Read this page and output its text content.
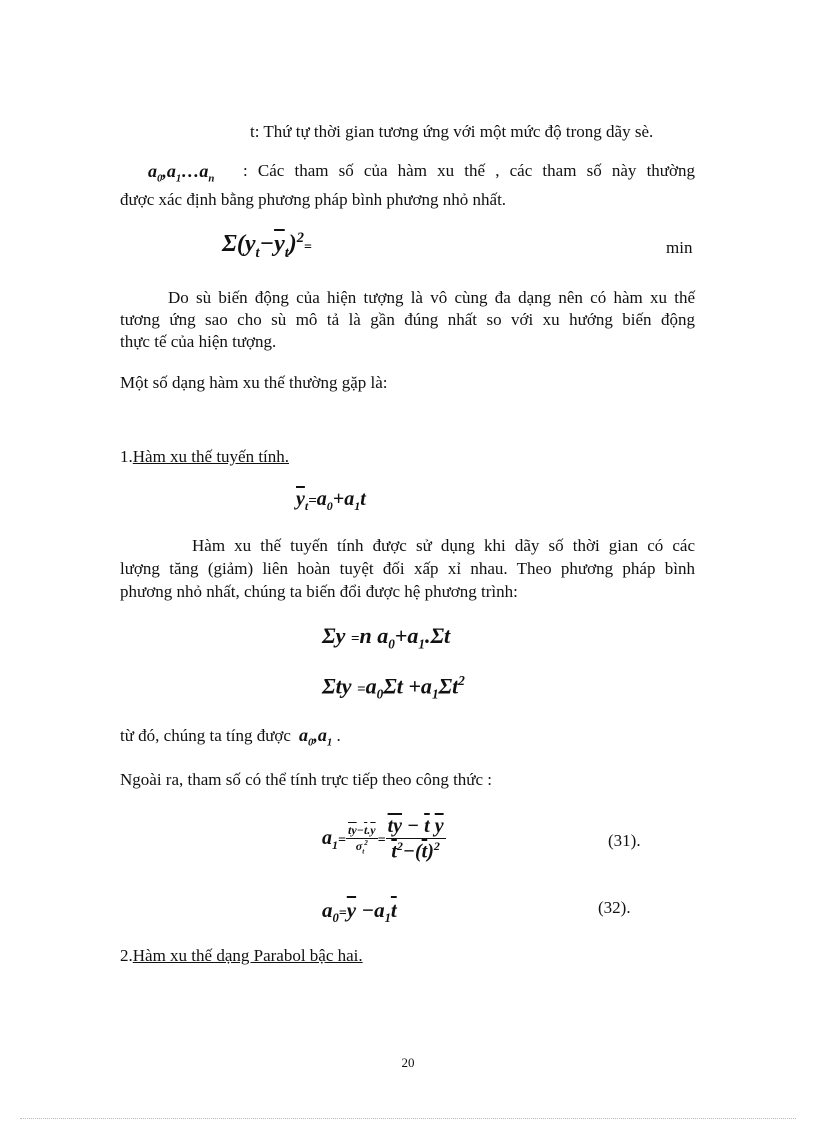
t: Thứ tự thời gian tương ứng với một mức độ trong dãy sè.
$a_0,a_1\dots a_n$ : Các tham số của hàm xu thế , các tham số này thường
được xác định bằng phương pháp bình phương nhỏ nhất.
$\Sigma(y_t-\overline{y}_t)^2=$	min
Do sù biến động của hiện tượng là vô cùng đa dạng nên có hàm xu thế
tương ứng sao cho sù mô tả là gần đúng nhất so với xu hướng biến động
thực tế của hiện tượng.
Một số dạng hàm xu thế thường gặp là:
1.Hàm xu thế tuyến tính.
$\overline{y}_t=a_0+a_1t$
Hàm xu thế tuyến tính được sử dụng khi dãy số thời gian có các
lượng tăng (giảm) liên hoàn tuyệt đối xấp xỉ nhau. Theo phương pháp bình
phương nhỏ nhất, chúng ta biến đổi được hệ phương trình:
Σy =n $a_0+a_1.\Sigma t$
$\Sigma ty =a_0\Sigma t +a_1\Sigma t^2$
từ đó, chúng ta tíng được $a_0,a_1$ .
Ngoài ra, tham số có thể tính trực tiếp theo công thức :
$a_1= \frac{\overline{ty}-\overline{t}.\overline{y}}{\sigma_t^2} = \frac{\overline{ty} - \overline{t} \overline{y}}{\overline{t}^2-(\overline{t})^2}$	(31).
$a_0=\overline{y} -a_1\overline{t}$	(32).
2.Hàm xu thế dạng Parabol bậc hai.
20
